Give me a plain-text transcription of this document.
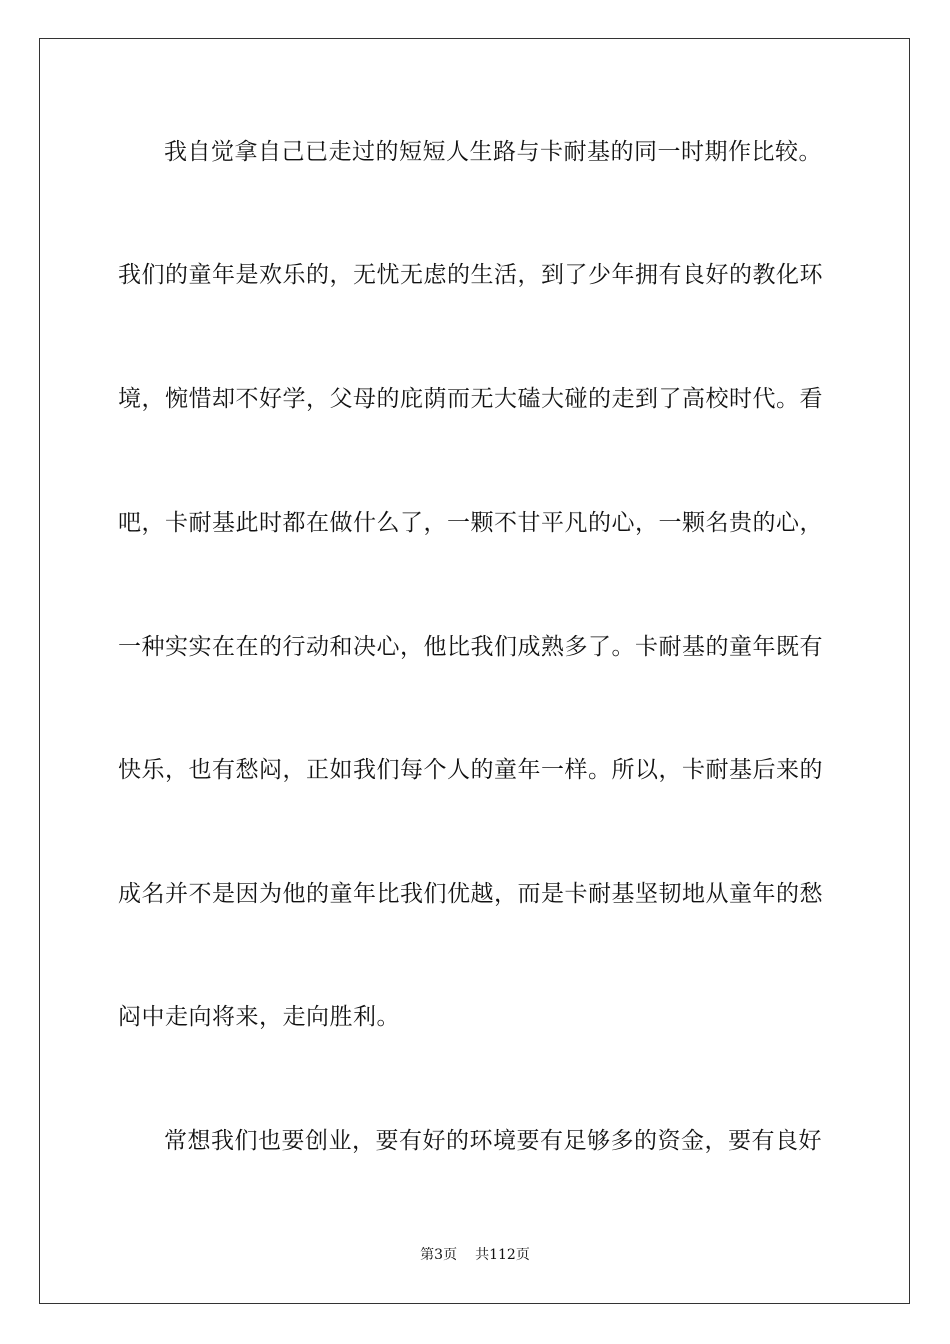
我自觉拿自己已走过的短短人生路与卡耐基的同一时期作比较。
我们的童年是欢乐的，无忧无虑的生活，到了少年拥有良好的教化环
境，惋惜却不好学，父母的庇荫而无大磕大碰的走到了高校时代。看
吧，卡耐基此时都在做什么了，一颗不甘平凡的心，一颗名贵的心，
一种实实在在的行动和决心，他比我们成熟多了。卡耐基的童年既有
快乐，也有愁闷，正如我们每个人的童年一样。所以，卡耐基后来的
成名并不是因为他的童年比我们优越，而是卡耐基坚韧地从童年的愁
闷中走向将来，走向胜利。
常想我们也要创业，要有好的环境要有足够多的资金，要有良好
第3页 共112页
